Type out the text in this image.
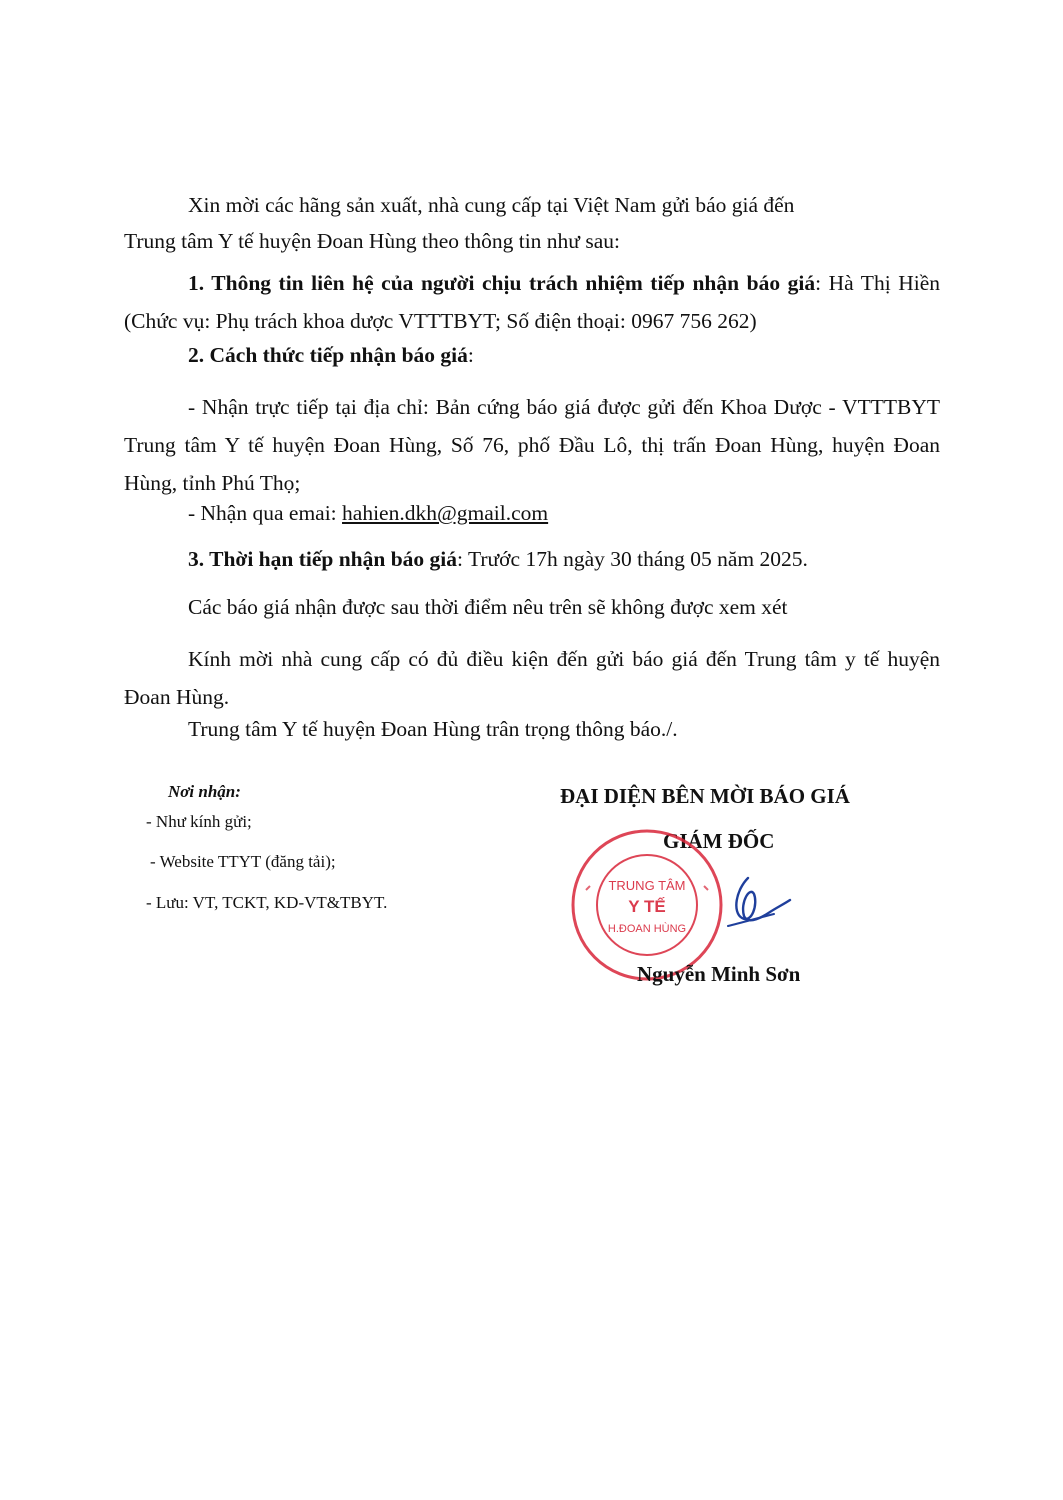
Xin mời các hãng sản xuất, nhà cung cấp tại Việt Nam gửi báo giá đến
Trung tâm Y tế huyện Đoan Hùng theo thông tin như sau:
1. Thông tin liên hệ của người chịu trách nhiệm tiếp nhận báo giá: Hà Thị Hiền (Chức vụ: Phụ trách khoa dược VTTTBYT; Số điện thoại: 0967 756 262)
2. Cách thức tiếp nhận báo giá:
- Nhận trực tiếp tại địa chỉ: Bản cứng báo giá được gửi đến Khoa Dược - VTTTBYT Trung tâm Y tế huyện Đoan Hùng, Số 76, phố Đầu Lô, thị trấn Đoan Hùng, huyện Đoan Hùng, tỉnh Phú Thọ;
- Nhận qua emai: hahien.dkh@gmail.com
3. Thời hạn tiếp nhận báo giá: Trước 17h ngày 30 tháng 05 năm 2025.
Các báo giá nhận được sau thời điểm nêu trên sẽ không được xem xét
Kính mời nhà cung cấp có đủ điều kiện đến gửi báo giá đến Trung tâm y tế huyện Đoan Hùng.
Trung tâm Y tế huyện Đoan Hùng trân trọng thông báo./.
Nơi nhận:
- Như kính gửi;
- Website TTYT (đăng tải);
- Lưu: VT, TCKT, KD-VT&TBYT.
ĐẠI DIỆN BÊN MỜI BÁO GIÁ
GIÁM ĐỐC
TRUNG TÂM
Y TẾ
H.ĐOAN HÙNG
Nguyễn Minh Sơn
